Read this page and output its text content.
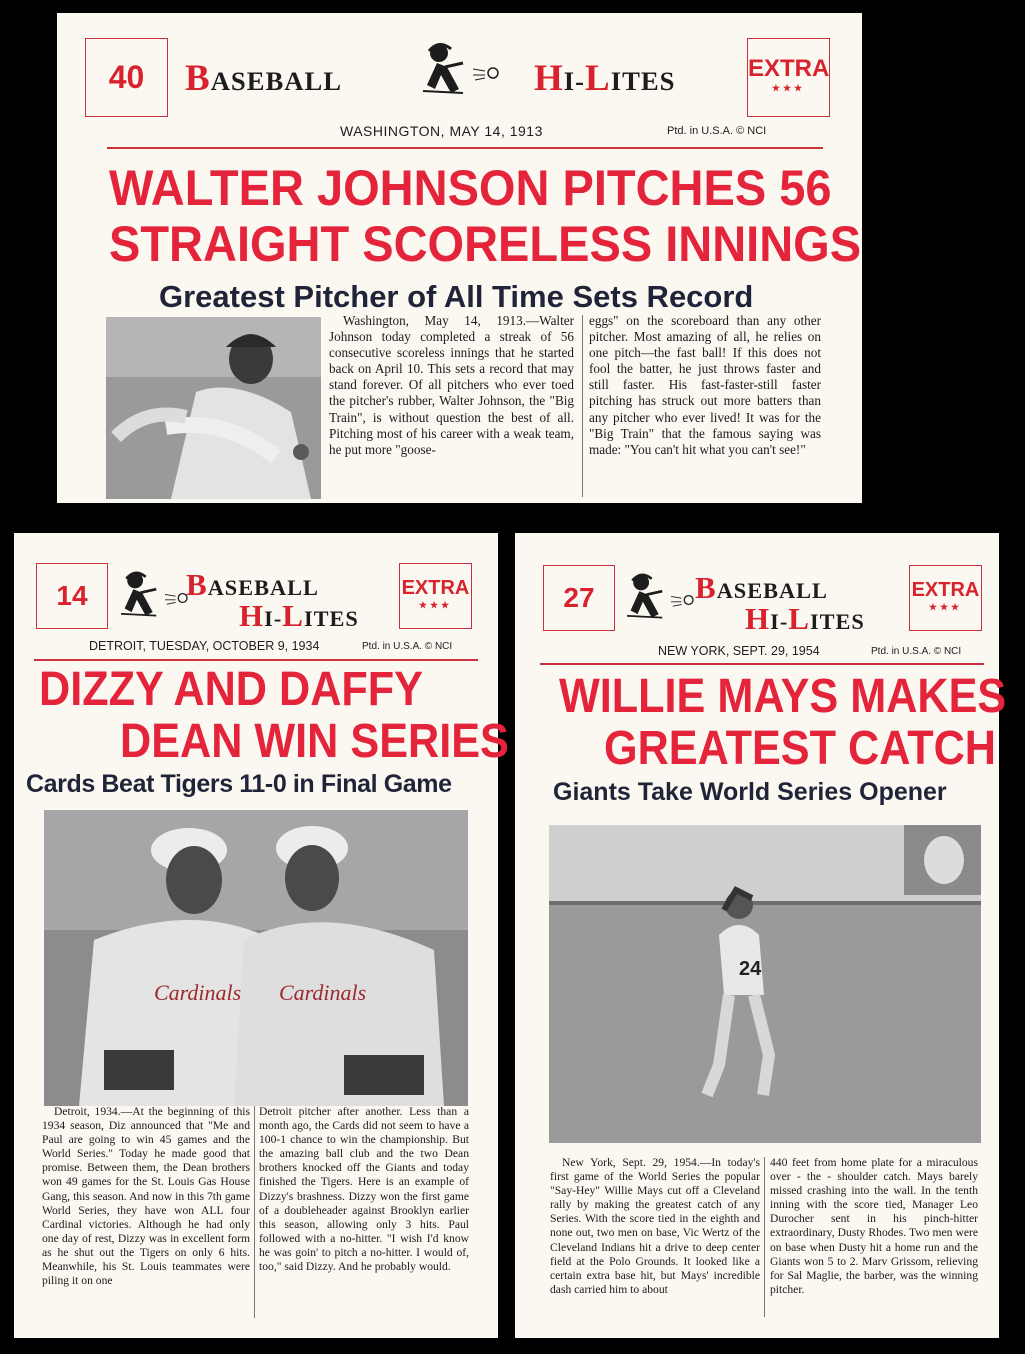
40	BASEBALL	HI-LITES	EXTRA
★★★
WASHINGTON, MAY 14, 1913	Ptd. in U.S.A. © NCI
WALTER JOHNSON PITCHES 56
STRAIGHT SCORELESS INNINGS
Greatest Pitcher of All Time Sets Record
Washington, May 14, 1913.—Walter Johnson today completed a streak of 56 consecutive scoreless innings that he started back on April 10. This sets a record that may stand forever. Of all pitchers who ever toed the pitcher's rubber, Walter Johnson, the "Big Train", is without question the best of all. Pitching most of his career with a weak team, he put more "goose-
eggs" on the scoreboard than any other pitcher. Most amazing of all, he relies on one pitch—the fast ball! If this does not fool the batter, he just throws faster and still faster. His fast-faster-still faster pitching has struck out more batters than any pitcher who ever lived! It was for the "Big Train" that the famous saying was made: "You can't hit what you can't see!"
14	BASEBALL
HI-LITES
EXTRA
★★★
DETROIT, TUESDAY, OCTOBER 9, 1934	Ptd. in U.S.A. © NCI
DIZZY AND DAFFY
DEAN WIN SERIES
Cards Beat Tigers 11-0 in Final Game
Cardinals Cardinals
Detroit, 1934.—At the beginning of this 1934 season, Diz announced that "Me and Paul are going to win 45 games and the World Series." Today he made good that promise. Between them, the Dean brothers won 49 games for the St. Louis Gas House Gang, this season. And now in this 7th game World Series, they have won ALL four Cardinal victories. Although he had only one day of rest, Dizzy was in excellent form as he shut out the Tigers on only 6 hits. Meanwhile, his St. Louis teammates were piling it on one
Detroit pitcher after another. Less than a month ago, the Cards did not seem to have a 100-1 chance to win the championship. But the amazing ball club and the two Dean brothers knocked off the Giants and today finished the Tigers. Here is an example of Dizzy's brashness. Dizzy won the first game of a doubleheader against Brooklyn earlier this season, allowing only 3 hits. Paul followed with a no-hitter. "I wish I'd know he was goin' to pitch a no-hitter. I would of, too," said Dizzy. And he probably would.
27	BASEBALL
HI-LITES
EXTRA
★★★
NEW YORK, SEPT. 29, 1954	Ptd. in U.S.A. © NCI
WILLIE MAYS MAKES
GREATEST CATCH
Giants Take World Series Opener
24
New York, Sept. 29, 1954.—In today's first game of the World Series the popular "Say-Hey" Willie Mays cut off a Cleveland rally by making the greatest catch of any Series. With the score tied in the eighth and none out, two men on base, Vic Wertz of the Cleveland Indians hit a drive to deep center field at the Polo Grounds. It looked like a certain extra base hit, but Mays' incredible dash carried him to about
440 feet from home plate for a miraculous over - the - shoulder catch. Mays barely missed crashing into the wall. In the tenth inning with the score tied, Manager Leo Durocher sent in his pinch-hitter extraordinary, Dusty Rhodes. Two men were on base when Dusty hit a home run and the Giants won 5 to 2. Marv Grissom, relieving for Sal Maglie, the barber, was the winning pitcher.
